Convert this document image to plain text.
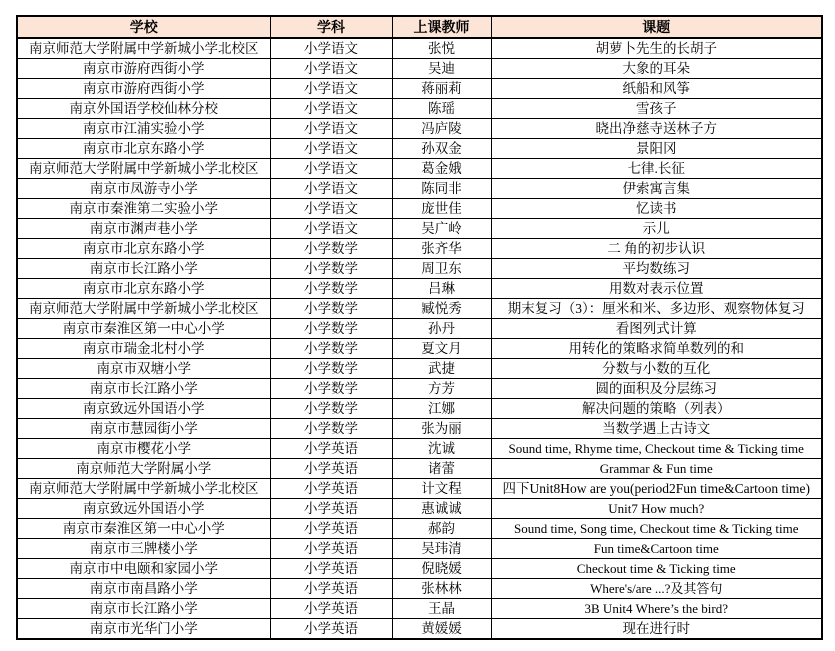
学校	学科	上课教师	课题
南京师范大学附属中学新城小学北校区	小学语文	张悦	胡萝卜先生的长胡子
南京市游府西街小学	小学语文	吴迪	大象的耳朵
南京市游府西街小学	小学语文	蒋丽莉	纸船和风筝
南京外国语学校仙林分校	小学语文	陈瑶	雪孩子
南京市江浦实验小学	小学语文	冯庐陵	晓出净慈寺送林子方
南京市北京东路小学	小学语文	孙双金	景阳冈
南京师范大学附属中学新城小学北校区	小学语文	葛金娥	七律.长征
南京市凤游寺小学	小学语文	陈同非	伊索寓言集
南京市秦淮第二实验小学	小学语文	庞世佳	忆读书
南京市渊声巷小学	小学语文	吴广岭	示儿
南京市北京东路小学	小学数学	张齐华	二 角的初步认识
南京市长江路小学	小学数学	周卫东	平均数练习
南京市北京东路小学	小学数学	吕琳	用数对表示位置
南京师范大学附属中学新城小学北校区	小学数学	臧悦秀	期末复习（3）：厘米和米、多边形、观察物体复习
南京市秦淮区第一中心小学	小学数学	孙丹	看图列式计算
南京市瑞金北村小学	小学数学	夏文月	用转化的策略求简单数列的和
南京市双塘小学	小学数学	武捷	分数与小数的互化
南京市长江路小学	小学数学	方芳	圆的面积及分层练习
南京致远外国语小学	小学数学	江娜	解决问题的策略（列表）
南京市慧园街小学	小学数学	张为丽	当数学遇上古诗文
南京市樱花小学	小学英语	沈诚	Sound time, Rhyme time, Checkout time & Ticking time
南京师范大学附属小学	小学英语	诸蕾	Grammar & Fun time
南京师范大学附属中学新城小学北校区	小学英语	计文程	四下Unit8How are you(period2Fun time&Cartoon time)
南京致远外国语小学	小学英语	惠诚诚	Unit7 How much?
南京市秦淮区第一中心小学	小学英语	郝韵	Sound time, Song time, Checkout time & Ticking time
南京市三牌楼小学	小学英语	吴玮清	Fun time&Cartoon time
南京市中电颐和家园小学	小学英语	倪晓媛	Checkout time & Ticking time
南京市南昌路小学	小学英语	张林林	Where's/are ...?及其答句
南京市长江路小学	小学英语	王晶	3B Unit4 Where’s the bird?
南京市光华门小学	小学英语	黄媛媛	现在进行时
